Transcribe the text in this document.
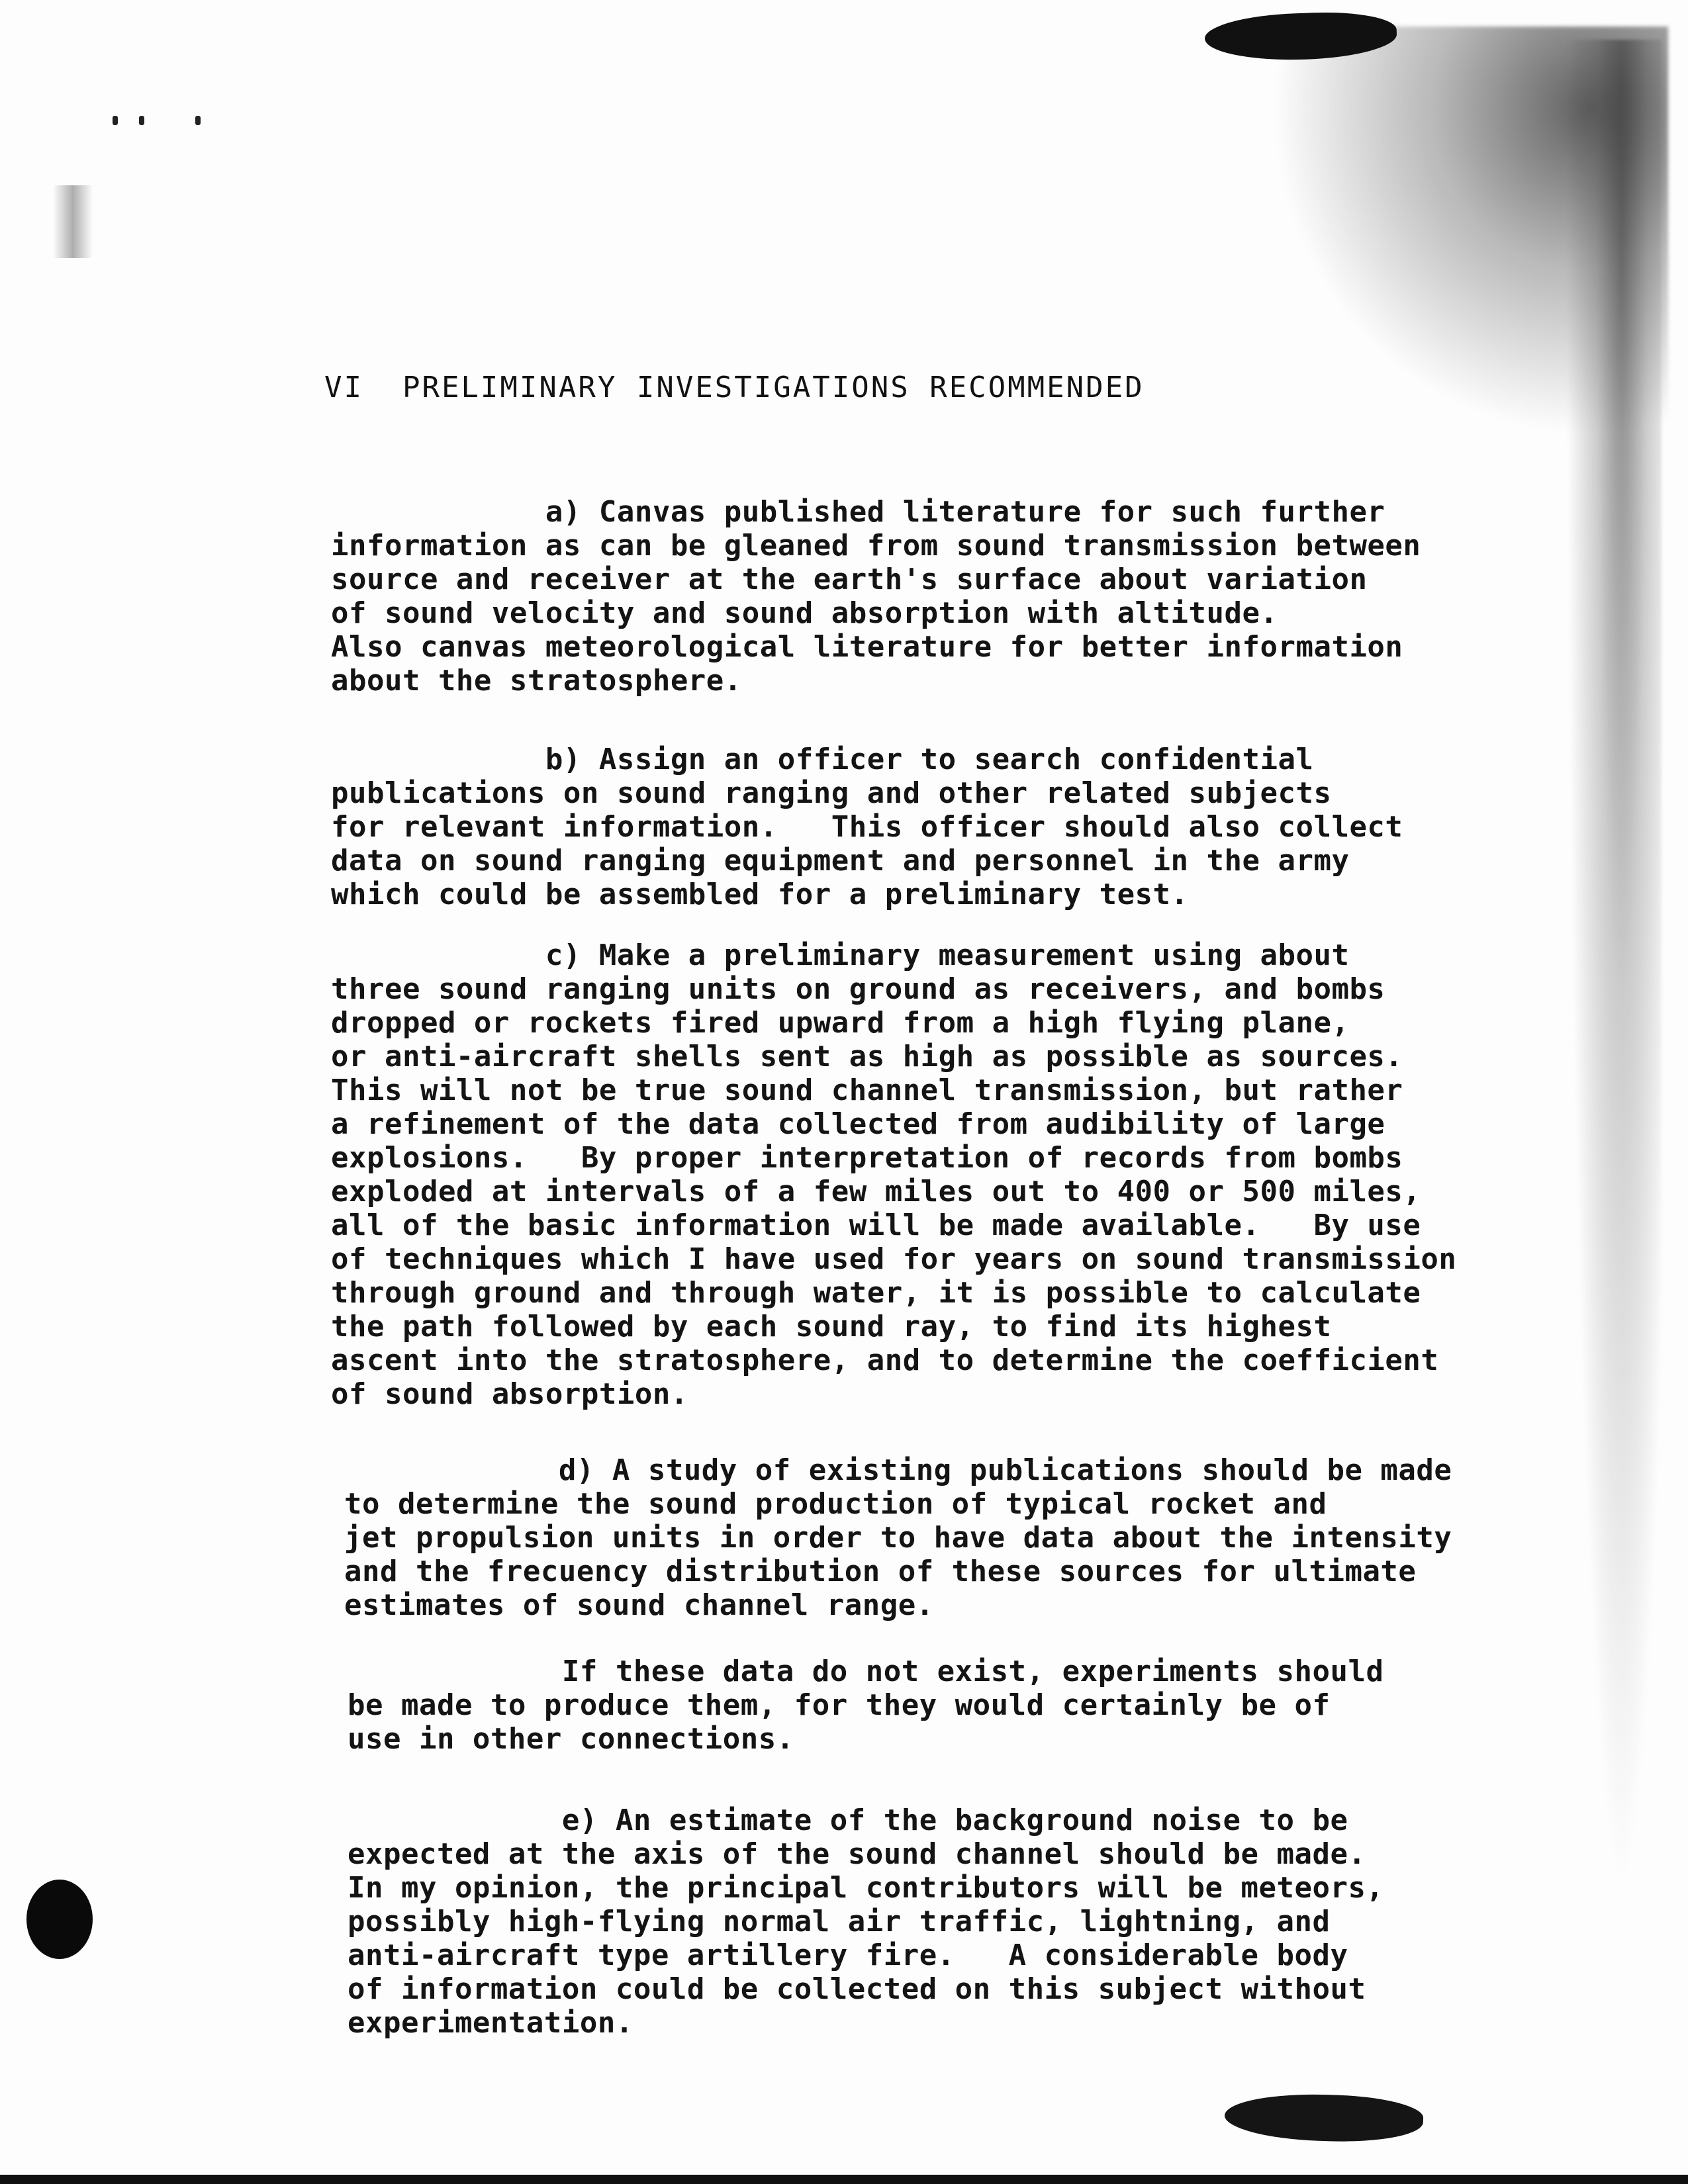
VI  PRELIMINARY INVESTIGATIONS RECOMMENDED
a) Canvas published literature for such further
information as can be gleaned from sound transmission between
source and receiver at the earth's surface about variation
of sound velocity and sound absorption with altitude.
Also canvas meteorological literature for better information
about the stratosphere.
b) Assign an officer to search confidential
publications on sound ranging and other related subjects
for relevant information.   This officer should also collect
data on sound ranging equipment and personnel in the army
which could be assembled for a preliminary test.
c) Make a preliminary measurement using about
three sound ranging units on ground as receivers, and bombs
dropped or rockets fired upward from a high flying plane,
or anti-aircraft shells sent as high as possible as sources.
This will not be true sound channel transmission, but rather
a refinement of the data collected from audibility of large
explosions.   By proper interpretation of records from bombs
exploded at intervals of a few miles out to 400 or 500 miles,
all of the basic information will be made available.   By use
of techniques which I have used for years on sound transmission
through ground and through water, it is possible to calculate
the path followed by each sound ray, to find its highest
ascent into the stratosphere, and to determine the coefficient
of sound absorption.
d) A study of existing publications should be made
to determine the sound production of typical rocket and
jet propulsion units in order to have data about the intensity
and the frecuency distribution of these sources for ultimate
estimates of sound channel range.
If these data do not exist, experiments should
be made to produce them, for they would certainly be of
use in other connections.
e) An estimate of the background noise to be
expected at the axis of the sound channel should be made.
In my opinion, the principal contributors will be meteors,
possibly high-flying normal air traffic, lightning, and
anti-aircraft type artillery fire.   A considerable body
of information could be collected on this subject without
experimentation.
